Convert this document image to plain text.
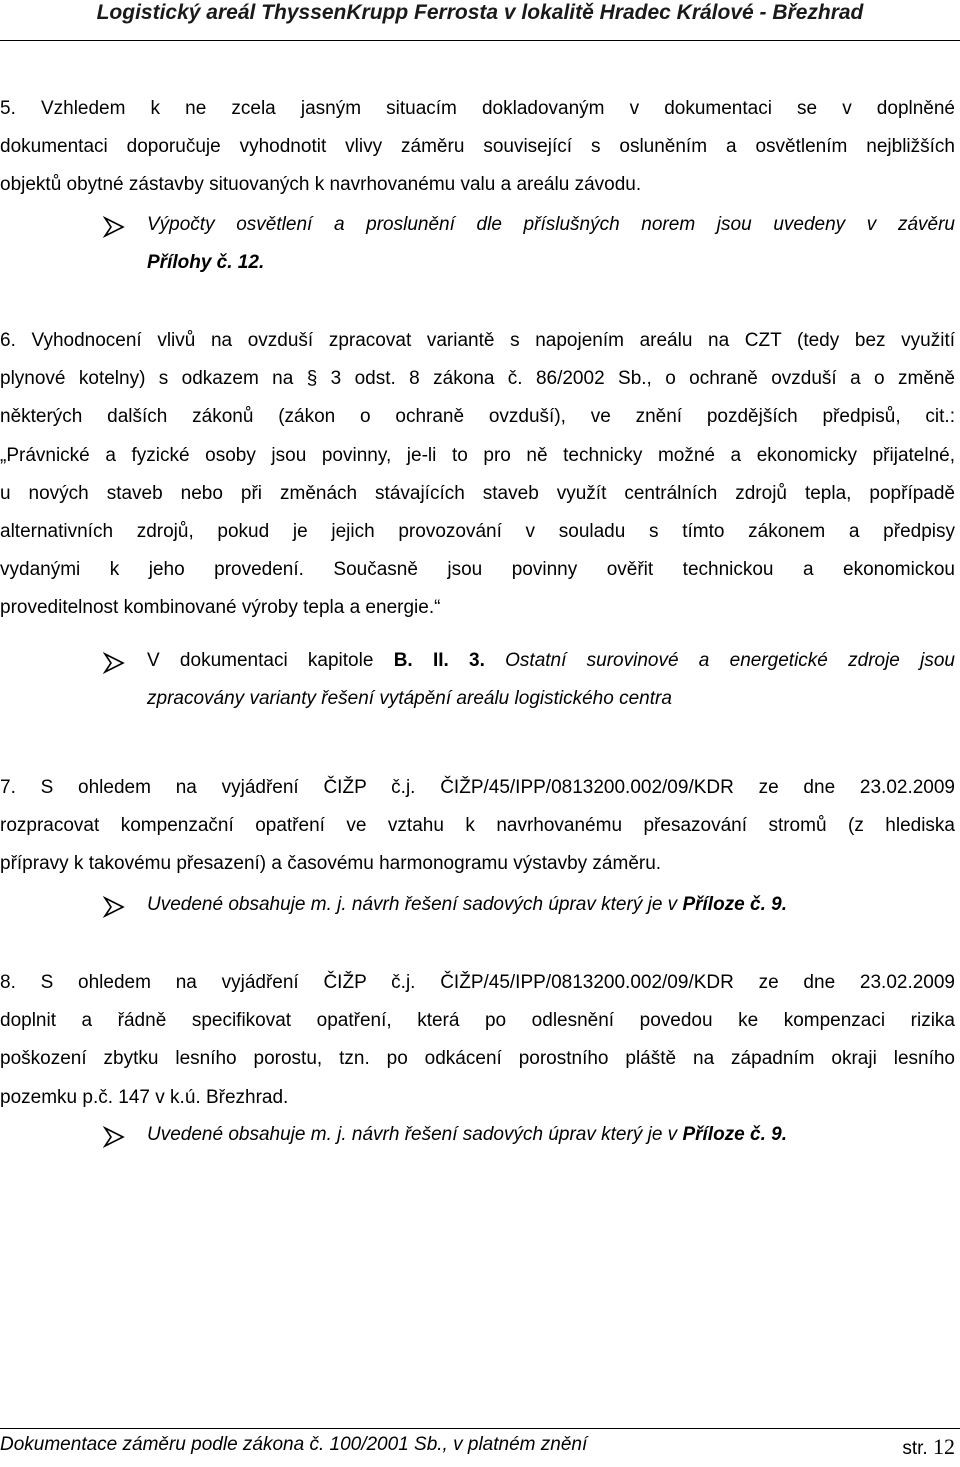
Logistický areál ThyssenKrupp Ferrosta v lokalitě Hradec Králové - Březhrad
5. Vzhledem k ne zcela jasným situacím dokladovaným v dokumentaci se v doplněné
dokumentaci doporučuje vyhodnotit vlivy záměru související s osluněním a osvětlením nejbližších
objektů obytné zástavby situovaných k navrhovanému valu a areálu závodu.
Výpočty osvětlení a proslunění dle příslušných norem jsou uvedeny v závěru
Přílohy č. 12.
6. Vyhodnocení vlivů na ovzduší zpracovat variantě s napojením areálu na CZT (tedy bez využití
plynové kotelny) s odkazem na § 3 odst. 8 zákona č. 86/2002 Sb., o ochraně ovzduší a o změně
některých dalších zákonů (zákon o ochraně ovzduší), ve znění pozdějších předpisů, cit.:
„Právnické a fyzické osoby jsou povinny, je-li to pro ně technicky možné a ekonomicky přijatelné,
u nových staveb nebo při změnách stávajících staveb využít centrálních zdrojů tepla, popřípadě
alternativních zdrojů, pokud je jejich provozování v souladu s tímto zákonem a předpisy
vydanými k jeho provedení. Současně jsou povinny ověřit technickou a ekonomickou
proveditelnost kombinované výroby tepla a energie.“
V dokumentaci kapitole B. II. 3. Ostatní surovinové a energetické zdroje jsou
zpracovány varianty řešení vytápění areálu logistického centra
7. S ohledem na vyjádření ČIŽP č.j. ČIŽP/45/IPP/0813200.002/09/KDR ze dne 23.02.2009
rozpracovat kompenzační opatření ve vztahu k navrhovanému přesazování stromů (z hlediska
přípravy k takovému přesazení) a časovému harmonogramu výstavby záměru.
Uvedené obsahuje m. j. návrh řešení sadových úprav který je v Příloze č. 9.
8. S ohledem na vyjádření ČIŽP č.j. ČIŽP/45/IPP/0813200.002/09/KDR ze dne 23.02.2009
doplnit a řádně specifikovat opatření, která po odlesnění povedou ke kompenzaci rizika
poškození zbytku lesního porostu, tzn. po odkácení porostního pláště na západním okraji lesního
pozemku p.č. 147 v k.ú. Březhrad.
Uvedené obsahuje m. j. návrh řešení sadových úprav který je v Příloze č. 9.
Dokumentace záměru podle zákona č. 100/2001 Sb., v platném znění	str. 12
